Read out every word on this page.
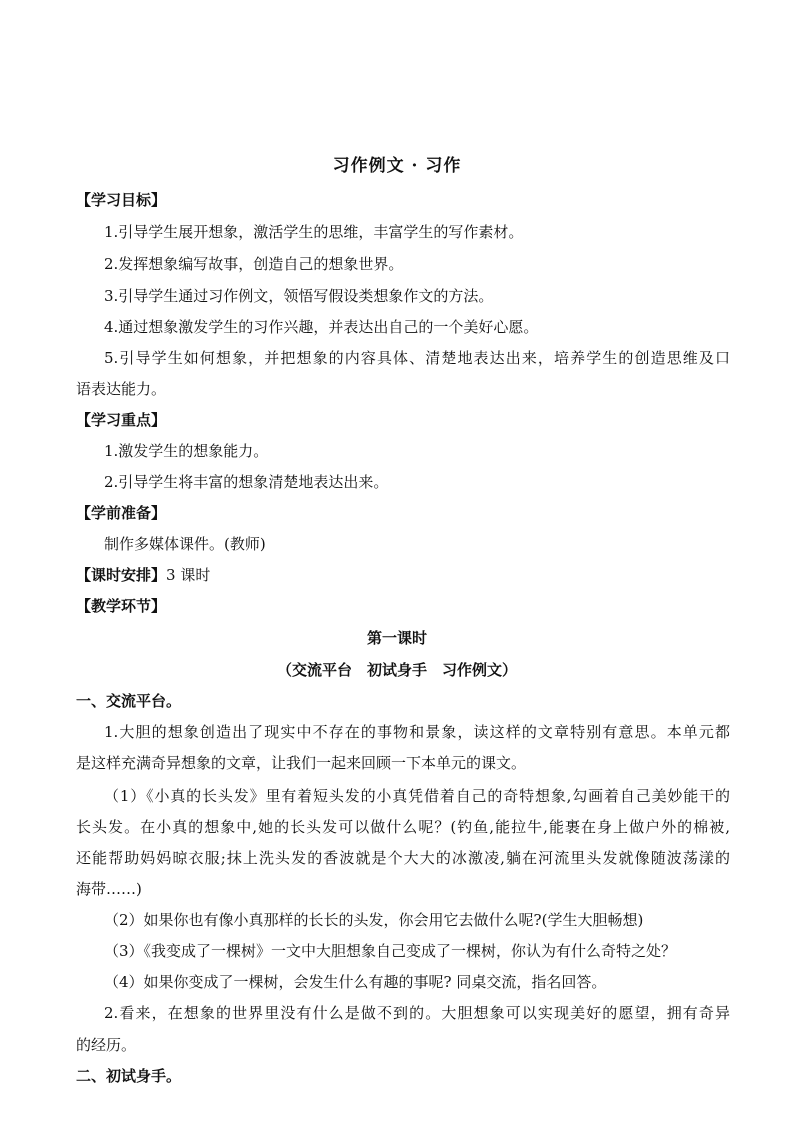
习作例文 · 习作
【学习目标】
1.引导学生展开想象，激活学生的思维，丰富学生的写作素材。
2.发挥想象编写故事，创造自己的想象世界。
3.引导学生通过习作例文，领悟写假设类想象作文的方法。
4.通过想象激发学生的习作兴趣，并表达出自己的一个美好心愿。
5.引导学生如何想象，并把想象的内容具体、清楚地表达出来，培养学生的创造思维及口
语表达能力。
【学习重点】
1.激发学生的想象能力。
2.引导学生将丰富的想象清楚地表达出来。
【学前准备】
制作多媒体课件。(教师)
【课时安排】3 课时
【教学环节】
第一课时
（交流平台　初试身手　习作例文）
一、交流平台。
1.大胆的想象创造出了现实中不存在的事物和景象，读这样的文章特别有意思。本单元都
是这样充满奇异想象的文章，让我们一起来回顾一下本单元的课文。
（1）《小真的长头发》里有着短头发的小真凭借着自己的奇特想象,勾画着自己美妙能干的
长头发。在小真的想象中,她的长头发可以做什么呢？(钓鱼,能拉牛,能裹在身上做户外的棉被,
还能帮助妈妈晾衣服;抹上洗头发的香波就是个大大的冰激凌,躺在河流里头发就像随波荡漾的
海带……)
（2）如果你也有像小真那样的长长的头发，你会用它去做什么呢?(学生大胆畅想)
（3）《我变成了一棵树》一文中大胆想象自己变成了一棵树，你认为有什么奇特之处？
（4）如果你变成了一棵树，会发生什么有趣的事呢? 同桌交流，指名回答。
2.看来，在想象的世界里没有什么是做不到的。大胆想象可以实现美好的愿望，拥有奇异
的经历。
二、初试身手。
